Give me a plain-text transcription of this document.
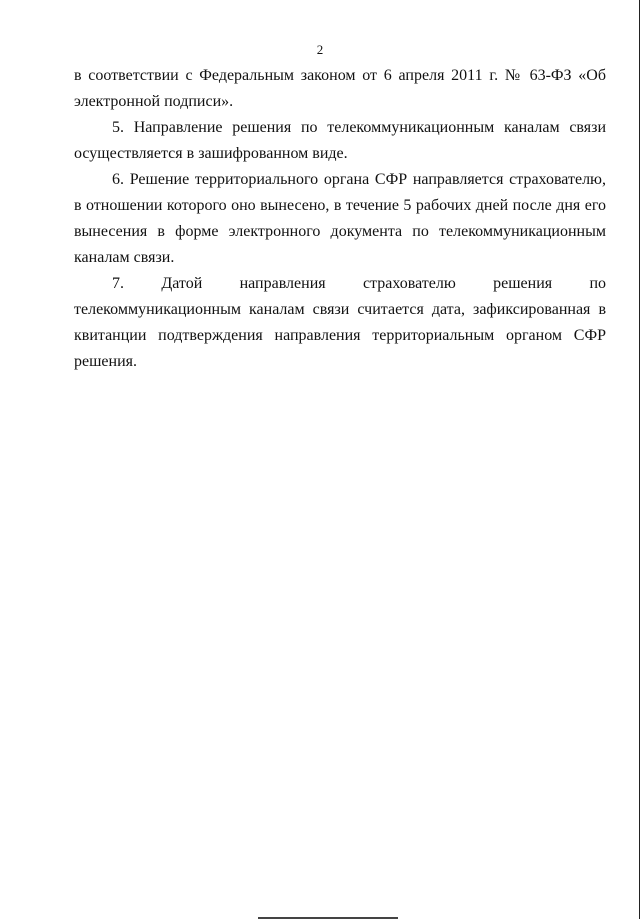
2

в соответствии с Федеральным законом от 6 апреля 2011 г. № 63-ФЗ «Об электронной подписи».

5. Направление решения по телекоммуникационным каналам связи осуществляется в зашифрованном виде.

6. Решение территориального органа СФР направляется страхователю, в отношении которого оно вынесено, в течение 5 рабочих дней после дня его вынесения в форме электронного документа по телекоммуникационным каналам связи.

7. Датой направления страхователю решения по телекоммуникационным каналам связи считается дата, зафиксированная в квитанции подтверждения направления территориальным органом СФР решения.
